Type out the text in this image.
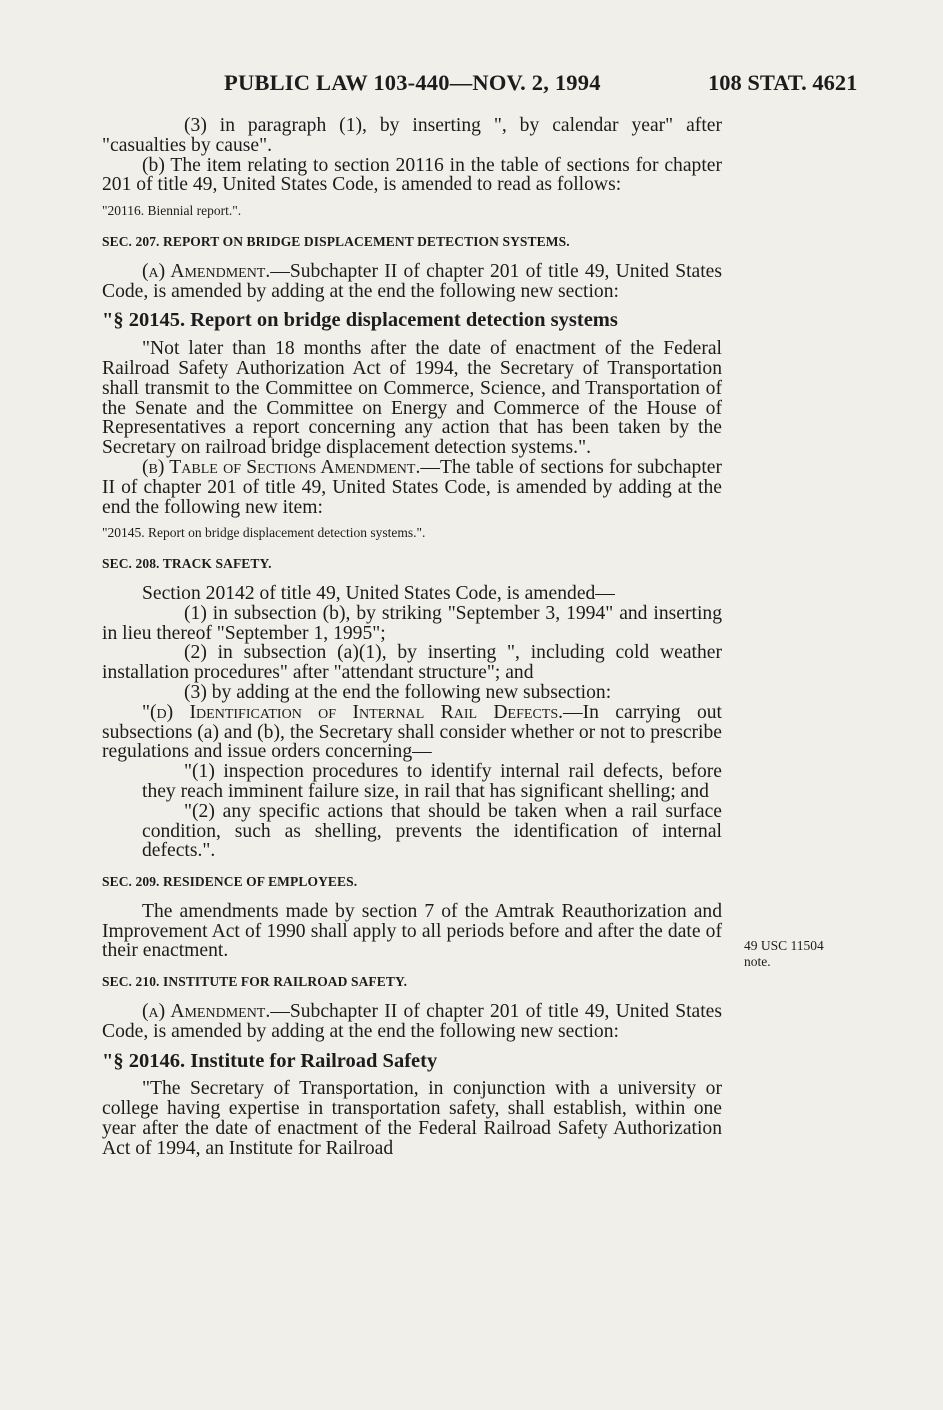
PUBLIC LAW 103-440—NOV. 2, 1994	108 STAT. 4621

(3) in paragraph (1), by inserting ", by calendar year" after "casualties by cause".

(b) The item relating to section 20116 in the table of sections for chapter 201 of title 49, United States Code, is amended to read as follows:

"20116. Biennial report.".

SEC. 207. REPORT ON BRIDGE DISPLACEMENT DETECTION SYSTEMS.

(a) Amendment.—Subchapter II of chapter 201 of title 49, United States Code, is amended by adding at the end the following new section:

"§ 20145. Report on bridge displacement detection systems

"Not later than 18 months after the date of enactment of the Federal Railroad Safety Authorization Act of 1994, the Secretary of Transportation shall transmit to the Committee on Commerce, Science, and Transportation of the Senate and the Committee on Energy and Commerce of the House of Representatives a report concerning any action that has been taken by the Secretary on railroad bridge displacement detection systems.".

(b) Table of Sections Amendment.—The table of sections for subchapter II of chapter 201 of title 49, United States Code, is amended by adding at the end the following new item:

"20145. Report on bridge displacement detection systems.".

SEC. 208. TRACK SAFETY.

Section 20142 of title 49, United States Code, is amended—

(1) in subsection (b), by striking "September 3, 1994" and inserting in lieu thereof "September 1, 1995";

(2) in subsection (a)(1), by inserting ", including cold weather installation procedures" after "attendant structure"; and

(3) by adding at the end the following new subsection:

"(d) Identification of Internal Rail Defects.—In carrying out subsections (a) and (b), the Secretary shall consider whether or not to prescribe regulations and issue orders concerning—

"(1) inspection procedures to identify internal rail defects, before they reach imminent failure size, in rail that has significant shelling; and

"(2) any specific actions that should be taken when a rail surface condition, such as shelling, prevents the identification of internal defects.".

SEC. 209. RESIDENCE OF EMPLOYEES.

The amendments made by section 7 of the Amtrak Reauthorization and Improvement Act of 1990 shall apply to all periods before and after the date of their enactment.

SEC. 210. INSTITUTE FOR RAILROAD SAFETY.

(a) Amendment.—Subchapter II of chapter 201 of title 49, United States Code, is amended by adding at the end the following new section:

"§ 20146. Institute for Railroad Safety

"The Secretary of Transportation, in conjunction with a university or college having expertise in transportation safety, shall establish, within one year after the date of enactment of the Federal Railroad Safety Authorization Act of 1994, an Institute for Railroad

49 USC 11504
note.
